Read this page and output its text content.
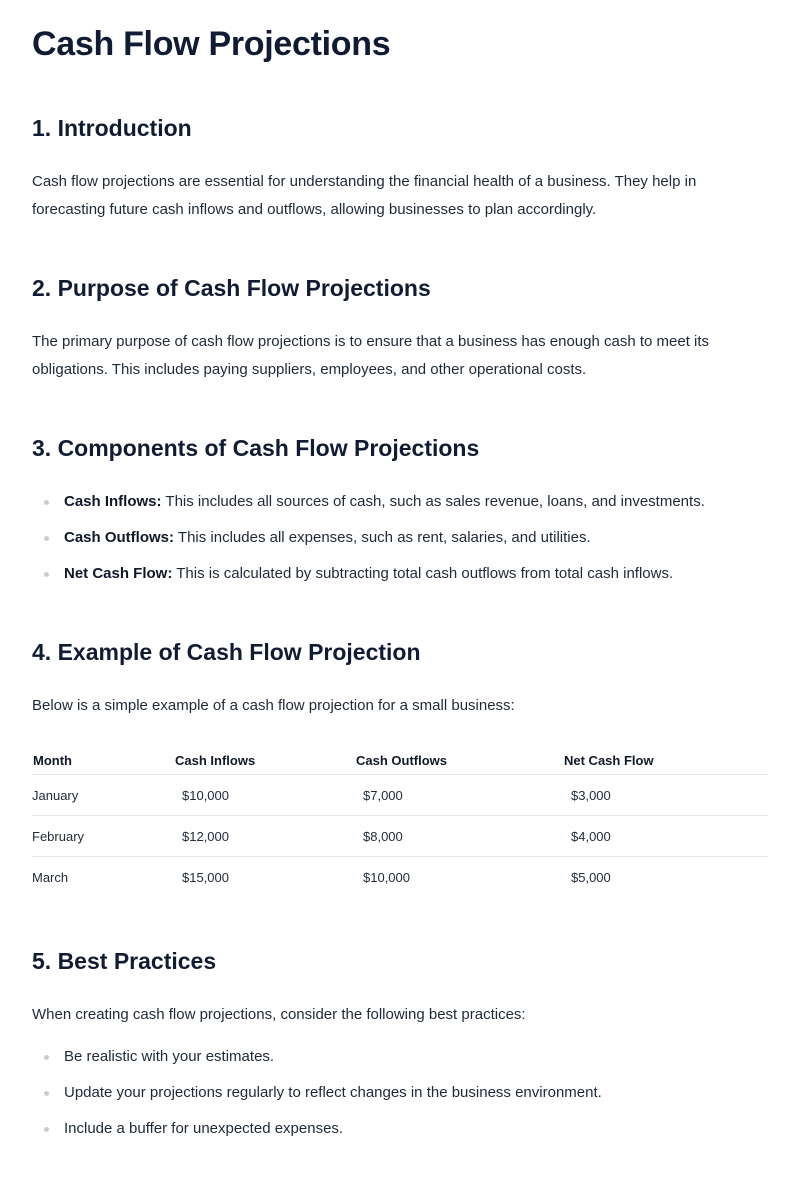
Cash Flow Projections
1. Introduction

Cash flow projections are essential for understanding the financial health of a business. They help in forecasting future cash inflows and outflows, allowing businesses to plan accordingly.

2. Purpose of Cash Flow Projections

The primary purpose of cash flow projections is to ensure that a business has enough cash to meet its obligations. This includes paying suppliers, employees, and other operational costs.

3. Components of Cash Flow Projections
Cash Inflows: This includes all sources of cash, such as sales revenue, loans, and investments.
Cash Outflows: This includes all expenses, such as rent, salaries, and utilities.
Net Cash Flow: This is calculated by subtracting total cash outflows from total cash inflows.
4. Example of Cash Flow Projection

Below is a simple example of a cash flow projection for a small business:

Month	Cash Inflows	Cash Outflows	Net Cash Flow
January	$10,000	$7,000	$3,000
February	$12,000	$8,000	$4,000
March	$15,000	$10,000	$5,000
5. Best Practices

When creating cash flow projections, consider the following best practices:

Be realistic with your estimates.
Update your projections regularly to reflect changes in the business environment.
Include a buffer for unexpected expenses.
